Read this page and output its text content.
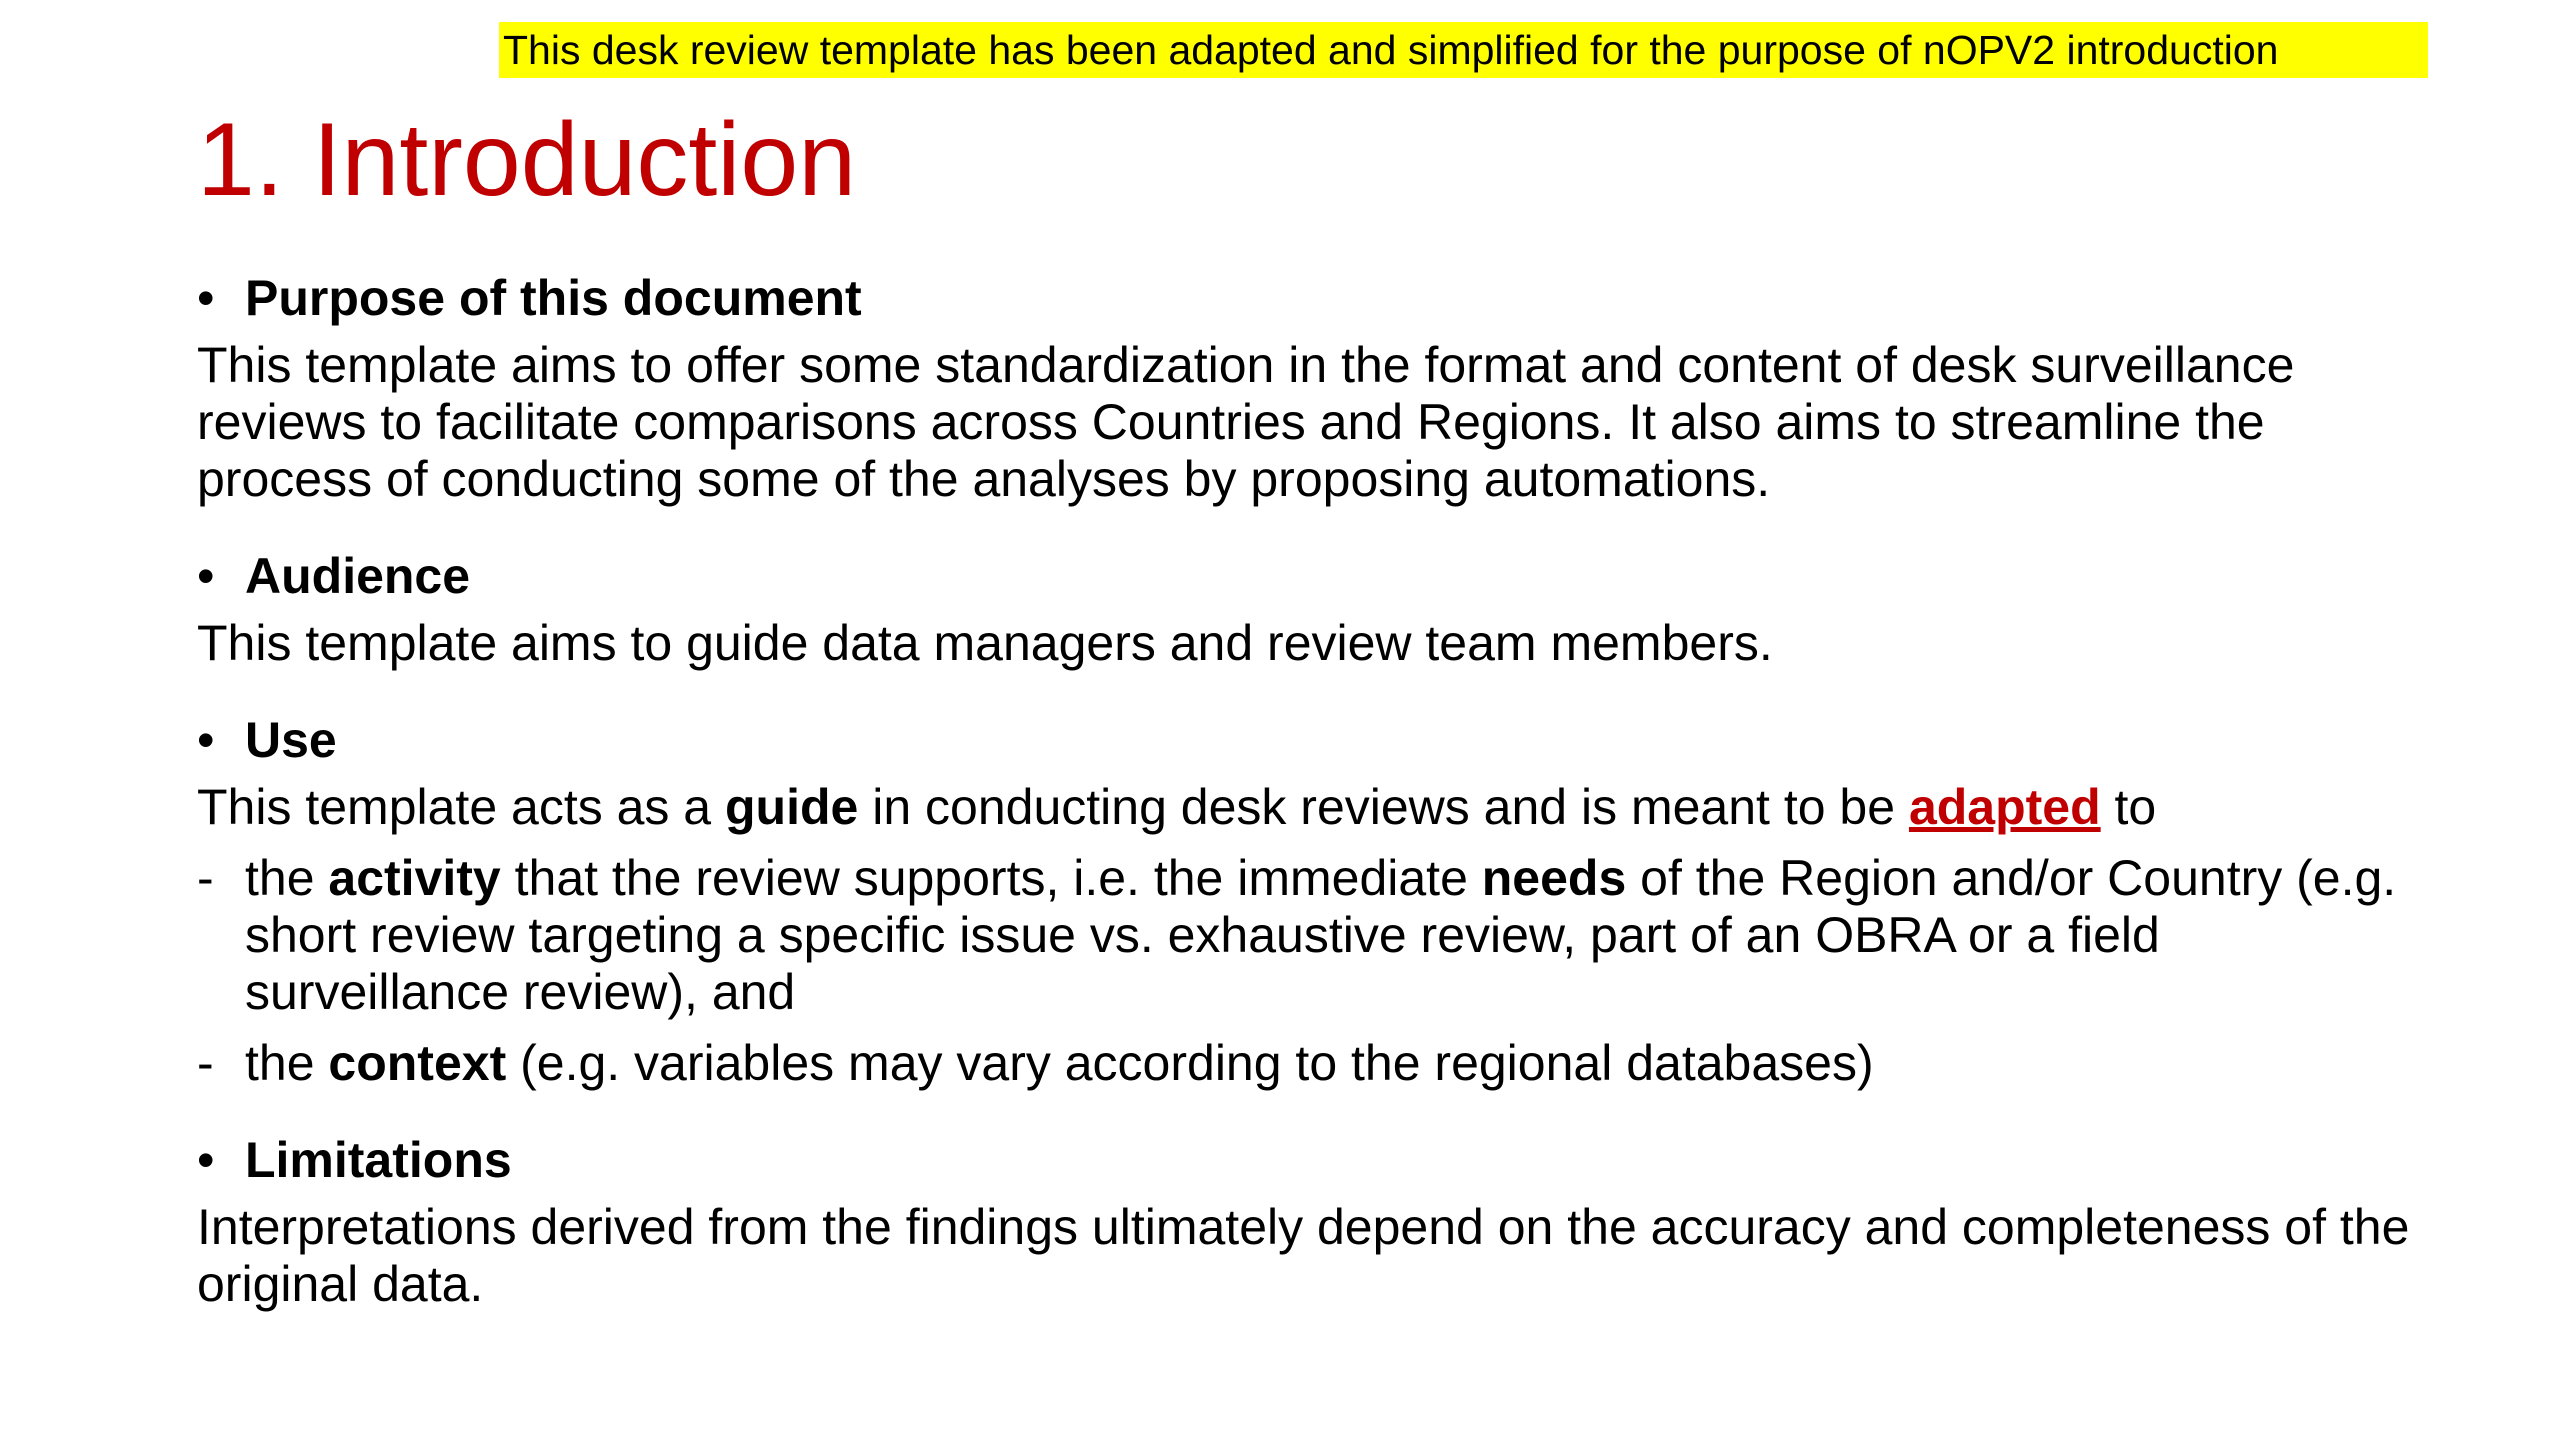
This desk review template has been adapted and simplified for the purpose of nOPV2 introduction
1. Introduction
• Purpose of this document

This template aims to offer some standardization in the format and content of desk surveillance reviews to facilitate comparisons across Countries and Regions. It also aims to streamline the process of conducting some of the analyses by proposing automations.

• Audience

This template aims to guide data managers and review team members.

• Use

This template acts as a guide in conducting desk reviews and is meant to be adapted to

- the activity that the review supports, i.e. the immediate needs of the Region and/or Country (e.g. short review targeting a specific issue vs. exhaustive review, part of an OBRA or a field surveillance review), and
- the context (e.g. variables may vary according to the regional databases)
• Limitations

Interpretations derived from the findings ultimately depend on the accuracy and completeness of the original data.
